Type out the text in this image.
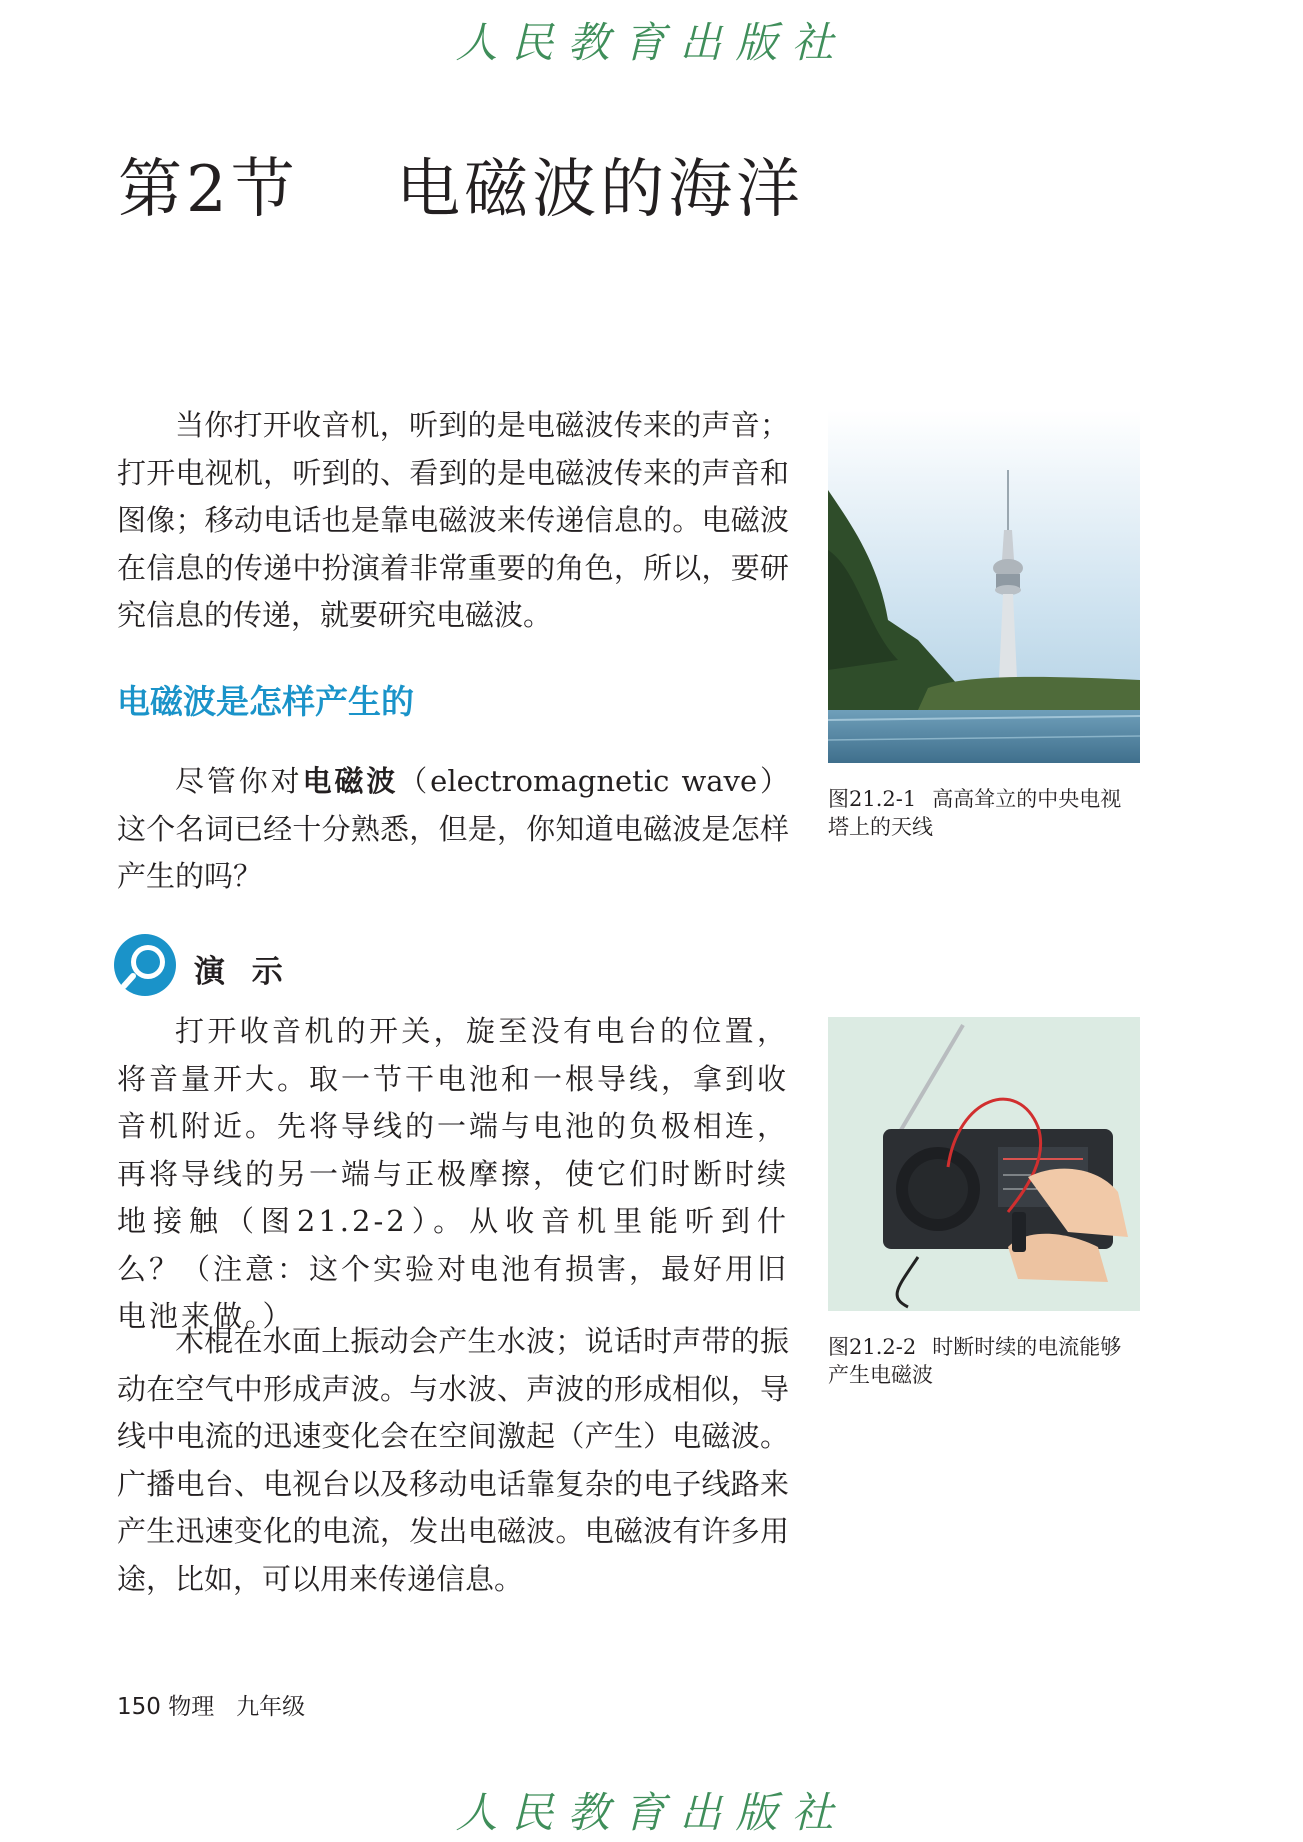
人民教育出版社
第2节 电磁波的海洋

当你打开收音机，听到的是电磁波传来的声音；打开电视机，听到的、看到的是电磁波传来的声音和图像；移动电话也是靠电磁波来传递信息的。电磁波在信息的传递中扮演着非常重要的角色，所以，要研究信息的传递，就要研究电磁波。

电磁波是怎样产生的

尽管你对电磁波（electromagnetic wave）这个名词已经十分熟悉，但是，你知道电磁波是怎样产生的吗？

演 示

打开收音机的开关，旋至没有电台的位置，将音量开大。取一节干电池和一根导线，拿到收音机附近。先将导线的一端与电池的负极相连，再将导线的另一端与正极摩擦，使它们时断时续地接触（图21.2-2）。从收音机里能听到什么？（注意：这个实验对电池有损害，最好用旧电池来做。）

木棍在水面上振动会产生水波；说话时声带的振动在空气中形成声波。与水波、声波的形成相似，导线中电流的迅速变化会在空间激起（产生）电磁波。广播电台、电视台以及移动电话靠复杂的电子线路来产生迅速变化的电流，发出电磁波。电磁波有许多用途，比如，可以用来传递信息。

图21.2-1 高高耸立的中央电视塔上的天线
图21.2-2 时断时续的电流能够产生电磁波
150 物理 九年级
人民教育出版社
